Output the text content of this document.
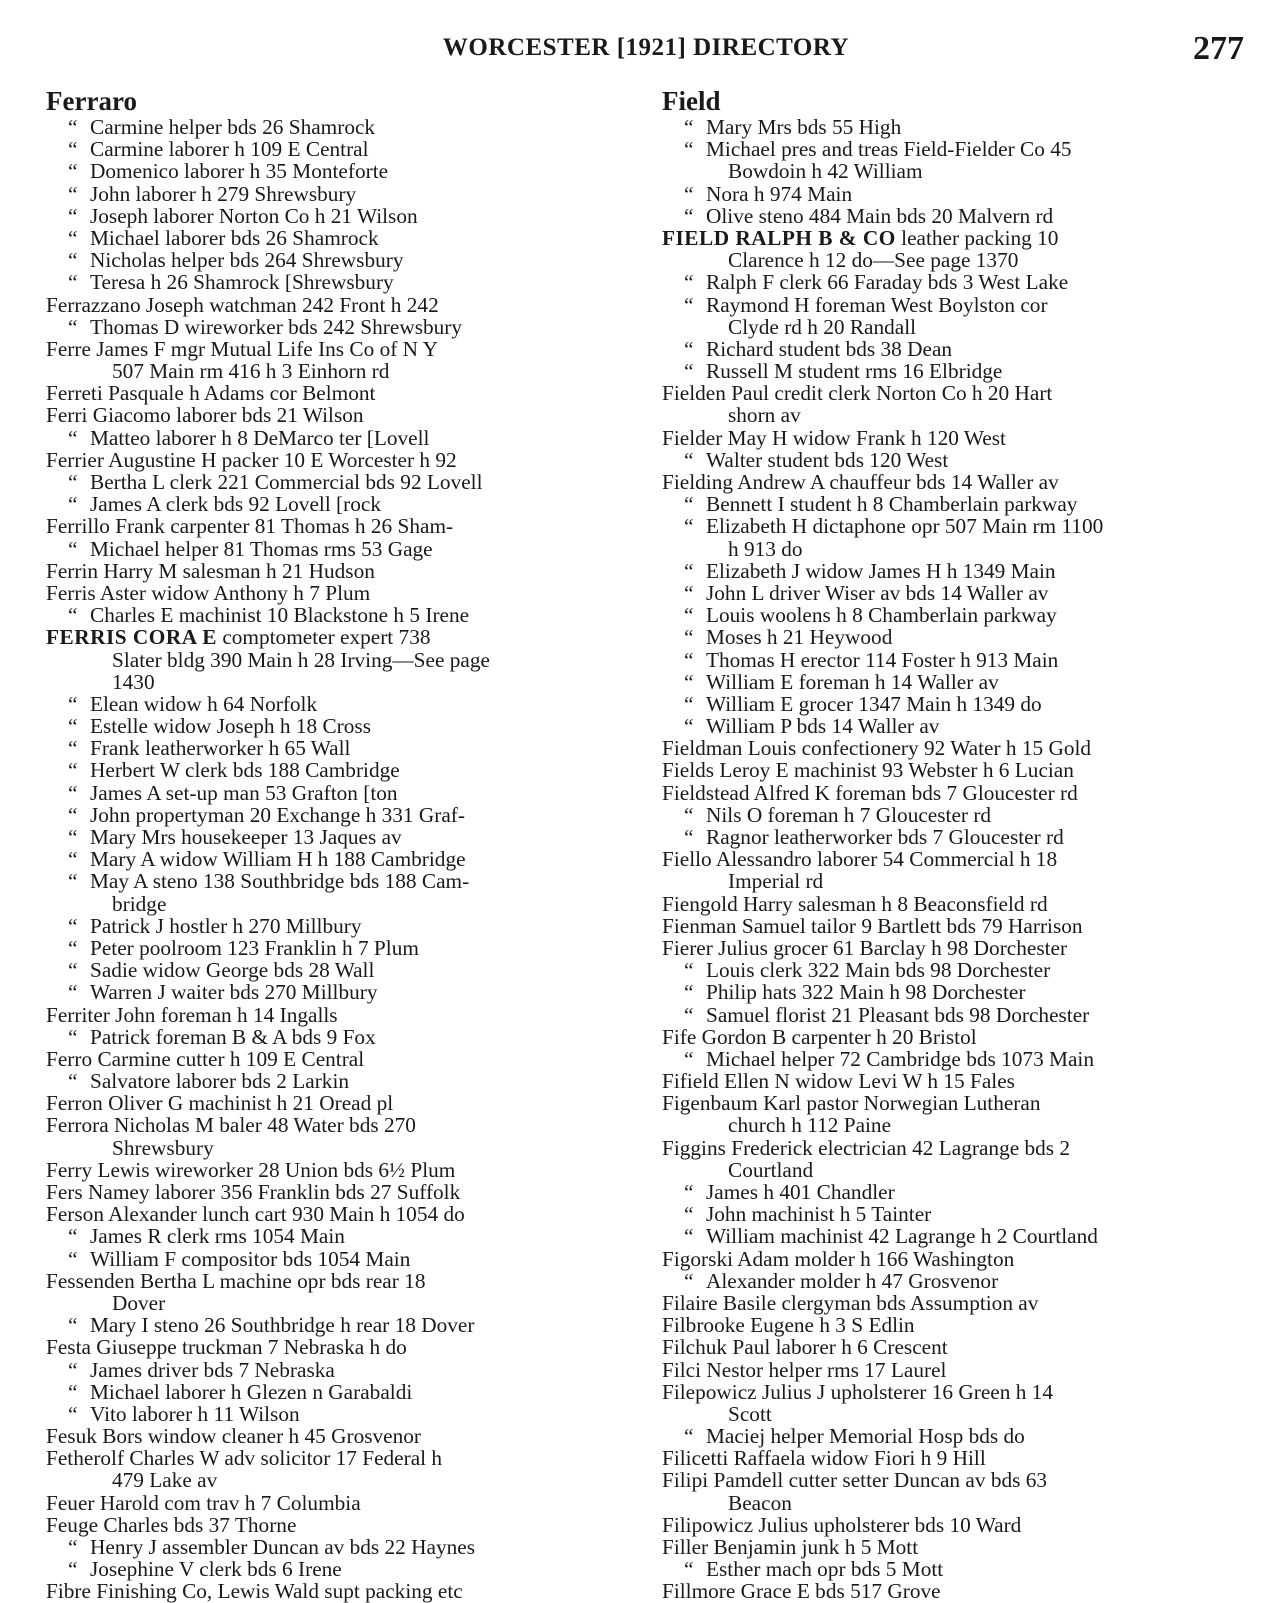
WORCESTER [1921] DIRECTORY	277
Ferraro
“ Carmine helper bds 26 Shamrock
“ Carmine laborer h 109 E Central
“ Domenico laborer h 35 Monteforte
“ John laborer h 279 Shrewsbury
“ Joseph laborer Norton Co h 21 Wilson
“ Michael laborer bds 26 Shamrock
“ Nicholas helper bds 264 Shrewsbury
“ Teresa h 26 Shamrock [Shrewsbury
Ferrazzano Joseph watchman 242 Front h 242
“ Thomas D wireworker bds 242 Shrewsbury
Ferre James F mgr Mutual Life Ins Co of N Y
507 Main rm 416 h 3 Einhorn rd
Ferreti Pasquale h Adams cor Belmont
Ferri Giacomo laborer bds 21 Wilson
“ Matteo laborer h 8 DeMarco ter [Lovell
Ferrier Augustine H packer 10 E Worcester h 92
“ Bertha L clerk 221 Commercial bds 92 Lovell
“ James A clerk bds 92 Lovell [rock
Ferrillo Frank carpenter 81 Thomas h 26 Sham-
“ Michael helper 81 Thomas rms 53 Gage
Ferrin Harry M salesman h 21 Hudson
Ferris Aster widow Anthony h 7 Plum
“ Charles E machinist 10 Blackstone h 5 Irene
FERRIS CORA E comptometer expert 738
Slater bldg 390 Main h 28 Irving—See page
1430
“ Elean widow h 64 Norfolk
“ Estelle widow Joseph h 18 Cross
“ Frank leatherworker h 65 Wall
“ Herbert W clerk bds 188 Cambridge
“ James A set-up man 53 Grafton [ton
“ John propertyman 20 Exchange h 331 Graf-
“ Mary Mrs housekeeper 13 Jaques av
“ Mary A widow William H h 188 Cambridge
“ May A steno 138 Southbridge bds 188 Cam-
bridge
“ Patrick J hostler h 270 Millbury
“ Peter poolroom 123 Franklin h 7 Plum
“ Sadie widow George bds 28 Wall
“ Warren J waiter bds 270 Millbury
Ferriter John foreman h 14 Ingalls
“ Patrick foreman B & A bds 9 Fox
Ferro Carmine cutter h 109 E Central
“ Salvatore laborer bds 2 Larkin
Ferron Oliver G machinist h 21 Oread pl
Ferrora Nicholas M baler 48 Water bds 270
Shrewsbury
Ferry Lewis wireworker 28 Union bds 6½ Plum
Fers Namey laborer 356 Franklin bds 27 Suffolk
Ferson Alexander lunch cart 930 Main h 1054 do
“ James R clerk rms 1054 Main
“ William F compositor bds 1054 Main
Fessenden Bertha L machine opr bds rear 18
Dover
“ Mary I steno 26 Southbridge h rear 18 Dover
Festa Giuseppe truckman 7 Nebraska h do
“ James driver bds 7 Nebraska
“ Michael laborer h Glezen n Garabaldi
“ Vito laborer h 11 Wilson
Fesuk Bors window cleaner h 45 Grosvenor
Fetherolf Charles W adv solicitor 17 Federal h
479 Lake av
Feuer Harold com trav h 7 Columbia
Feuge Charles bds 37 Thorne
“ Henry J assembler Duncan av bds 22 Haynes
“ Josephine V clerk bds 6 Irene
Fibre Finishing Co, Lewis Wald supt packing etc
Field
“ Mary Mrs bds 55 High
“ Michael pres and treas Field-Fielder Co 45
Bowdoin h 42 William
“ Nora h 974 Main
“ Olive steno 484 Main bds 20 Malvern rd
FIELD RALPH B & CO leather packing 10
Clarence h 12 do—See page 1370
“ Ralph F clerk 66 Faraday bds 3 West Lake
“ Raymond H foreman West Boylston cor
Clyde rd h 20 Randall
“ Richard student bds 38 Dean
“ Russell M student rms 16 Elbridge
Fielden Paul credit clerk Norton Co h 20 Hart
shorn av
Fielder May H widow Frank h 120 West
“ Walter student bds 120 West
Fielding Andrew A chauffeur bds 14 Waller av
“ Bennett I student h 8 Chamberlain parkway
“ Elizabeth H dictaphone opr 507 Main rm 1100
h 913 do
“ Elizabeth J widow James H h 1349 Main
“ John L driver Wiser av bds 14 Waller av
“ Louis woolens h 8 Chamberlain parkway
“ Moses h 21 Heywood
“ Thomas H erector 114 Foster h 913 Main
“ William E foreman h 14 Waller av
“ William E grocer 1347 Main h 1349 do
“ William P bds 14 Waller av
Fieldman Louis confectionery 92 Water h 15 Gold
Fields Leroy E machinist 93 Webster h 6 Lucian
Fieldstead Alfred K foreman bds 7 Gloucester rd
“ Nils O foreman h 7 Gloucester rd
“ Ragnor leatherworker bds 7 Gloucester rd
Fiello Alessandro laborer 54 Commercial h 18
Imperial rd
Fiengold Harry salesman h 8 Beaconsfield rd
Fienman Samuel tailor 9 Bartlett bds 79 Harrison
Fierer Julius grocer 61 Barclay h 98 Dorchester
“ Louis clerk 322 Main bds 98 Dorchester
“ Philip hats 322 Main h 98 Dorchester
“ Samuel florist 21 Pleasant bds 98 Dorchester
Fife Gordon B carpenter h 20 Bristol
“ Michael helper 72 Cambridge bds 1073 Main
Fifield Ellen N widow Levi W h 15 Fales
Figenbaum Karl pastor Norwegian Lutheran
church h 112 Paine
Figgins Frederick electrician 42 Lagrange bds 2
Courtland
“ James h 401 Chandler
“ John machinist h 5 Tainter
“ William machinist 42 Lagrange h 2 Courtland
Figorski Adam molder h 166 Washington
“ Alexander molder h 47 Grosvenor
Filaire Basile clergyman bds Assumption av
Filbrooke Eugene h 3 S Edlin
Filchuk Paul laborer h 6 Crescent
Filci Nestor helper rms 17 Laurel
Filepowicz Julius J upholsterer 16 Green h 14
Scott
“ Maciej helper Memorial Hosp bds do
Filicetti Raffaela widow Fiori h 9 Hill
Filipi Pamdell cutter setter Duncan av bds 63
Beacon
Filipowicz Julius upholsterer bds 10 Ward
Filler Benjamin junk h 5 Mott
“ Esther mach opr bds 5 Mott
Fillmore Grace E bds 517 Grove
